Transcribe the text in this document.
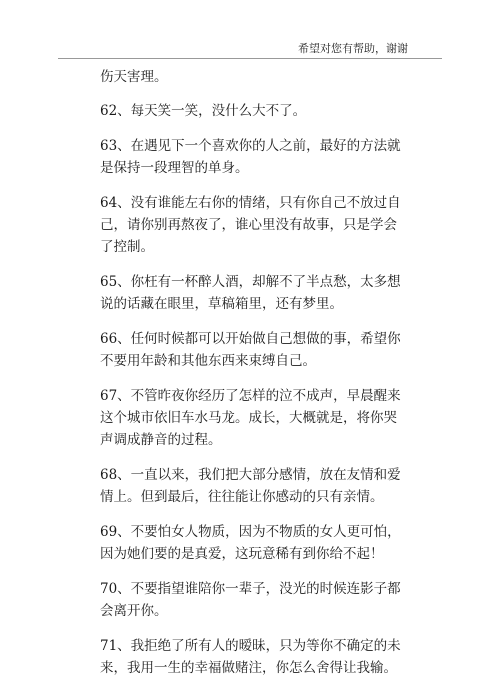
希望对您有帮助，谢谢
伤天害理。
62、每天笑一笑，没什么大不了。
63、在遇见下一个喜欢你的人之前，最好的方法就是保持一段理智的单身。
64、没有谁能左右你的情绪，只有你自己不放过自己，请你别再熬夜了，谁心里没有故事，只是学会了控制。
65、你枉有一杯醉人酒，却解不了半点愁，太多想说的话藏在眼里，草稿箱里，还有梦里。
66、任何时候都可以开始做自己想做的事，希望你不要用年龄和其他东西来束缚自己。
67、不管昨夜你经历了怎样的泣不成声，早晨醒来这个城市依旧车水马龙。成长，大概就是，将你哭声调成静音的过程。
68、一直以来，我们把大部分感情，放在友情和爱情上。但到最后，往往能让你感动的只有亲情。
69、不要怕女人物质，因为不物质的女人更可怕，因为她们要的是真爱，这玩意稀有到你给不起！
70、不要指望谁陪你一辈子，没光的时候连影子都会离开你。
71、我拒绝了所有人的暧昧，只为等你不确定的未来，我用一生的幸福做赌注，你怎么舍得让我输。
